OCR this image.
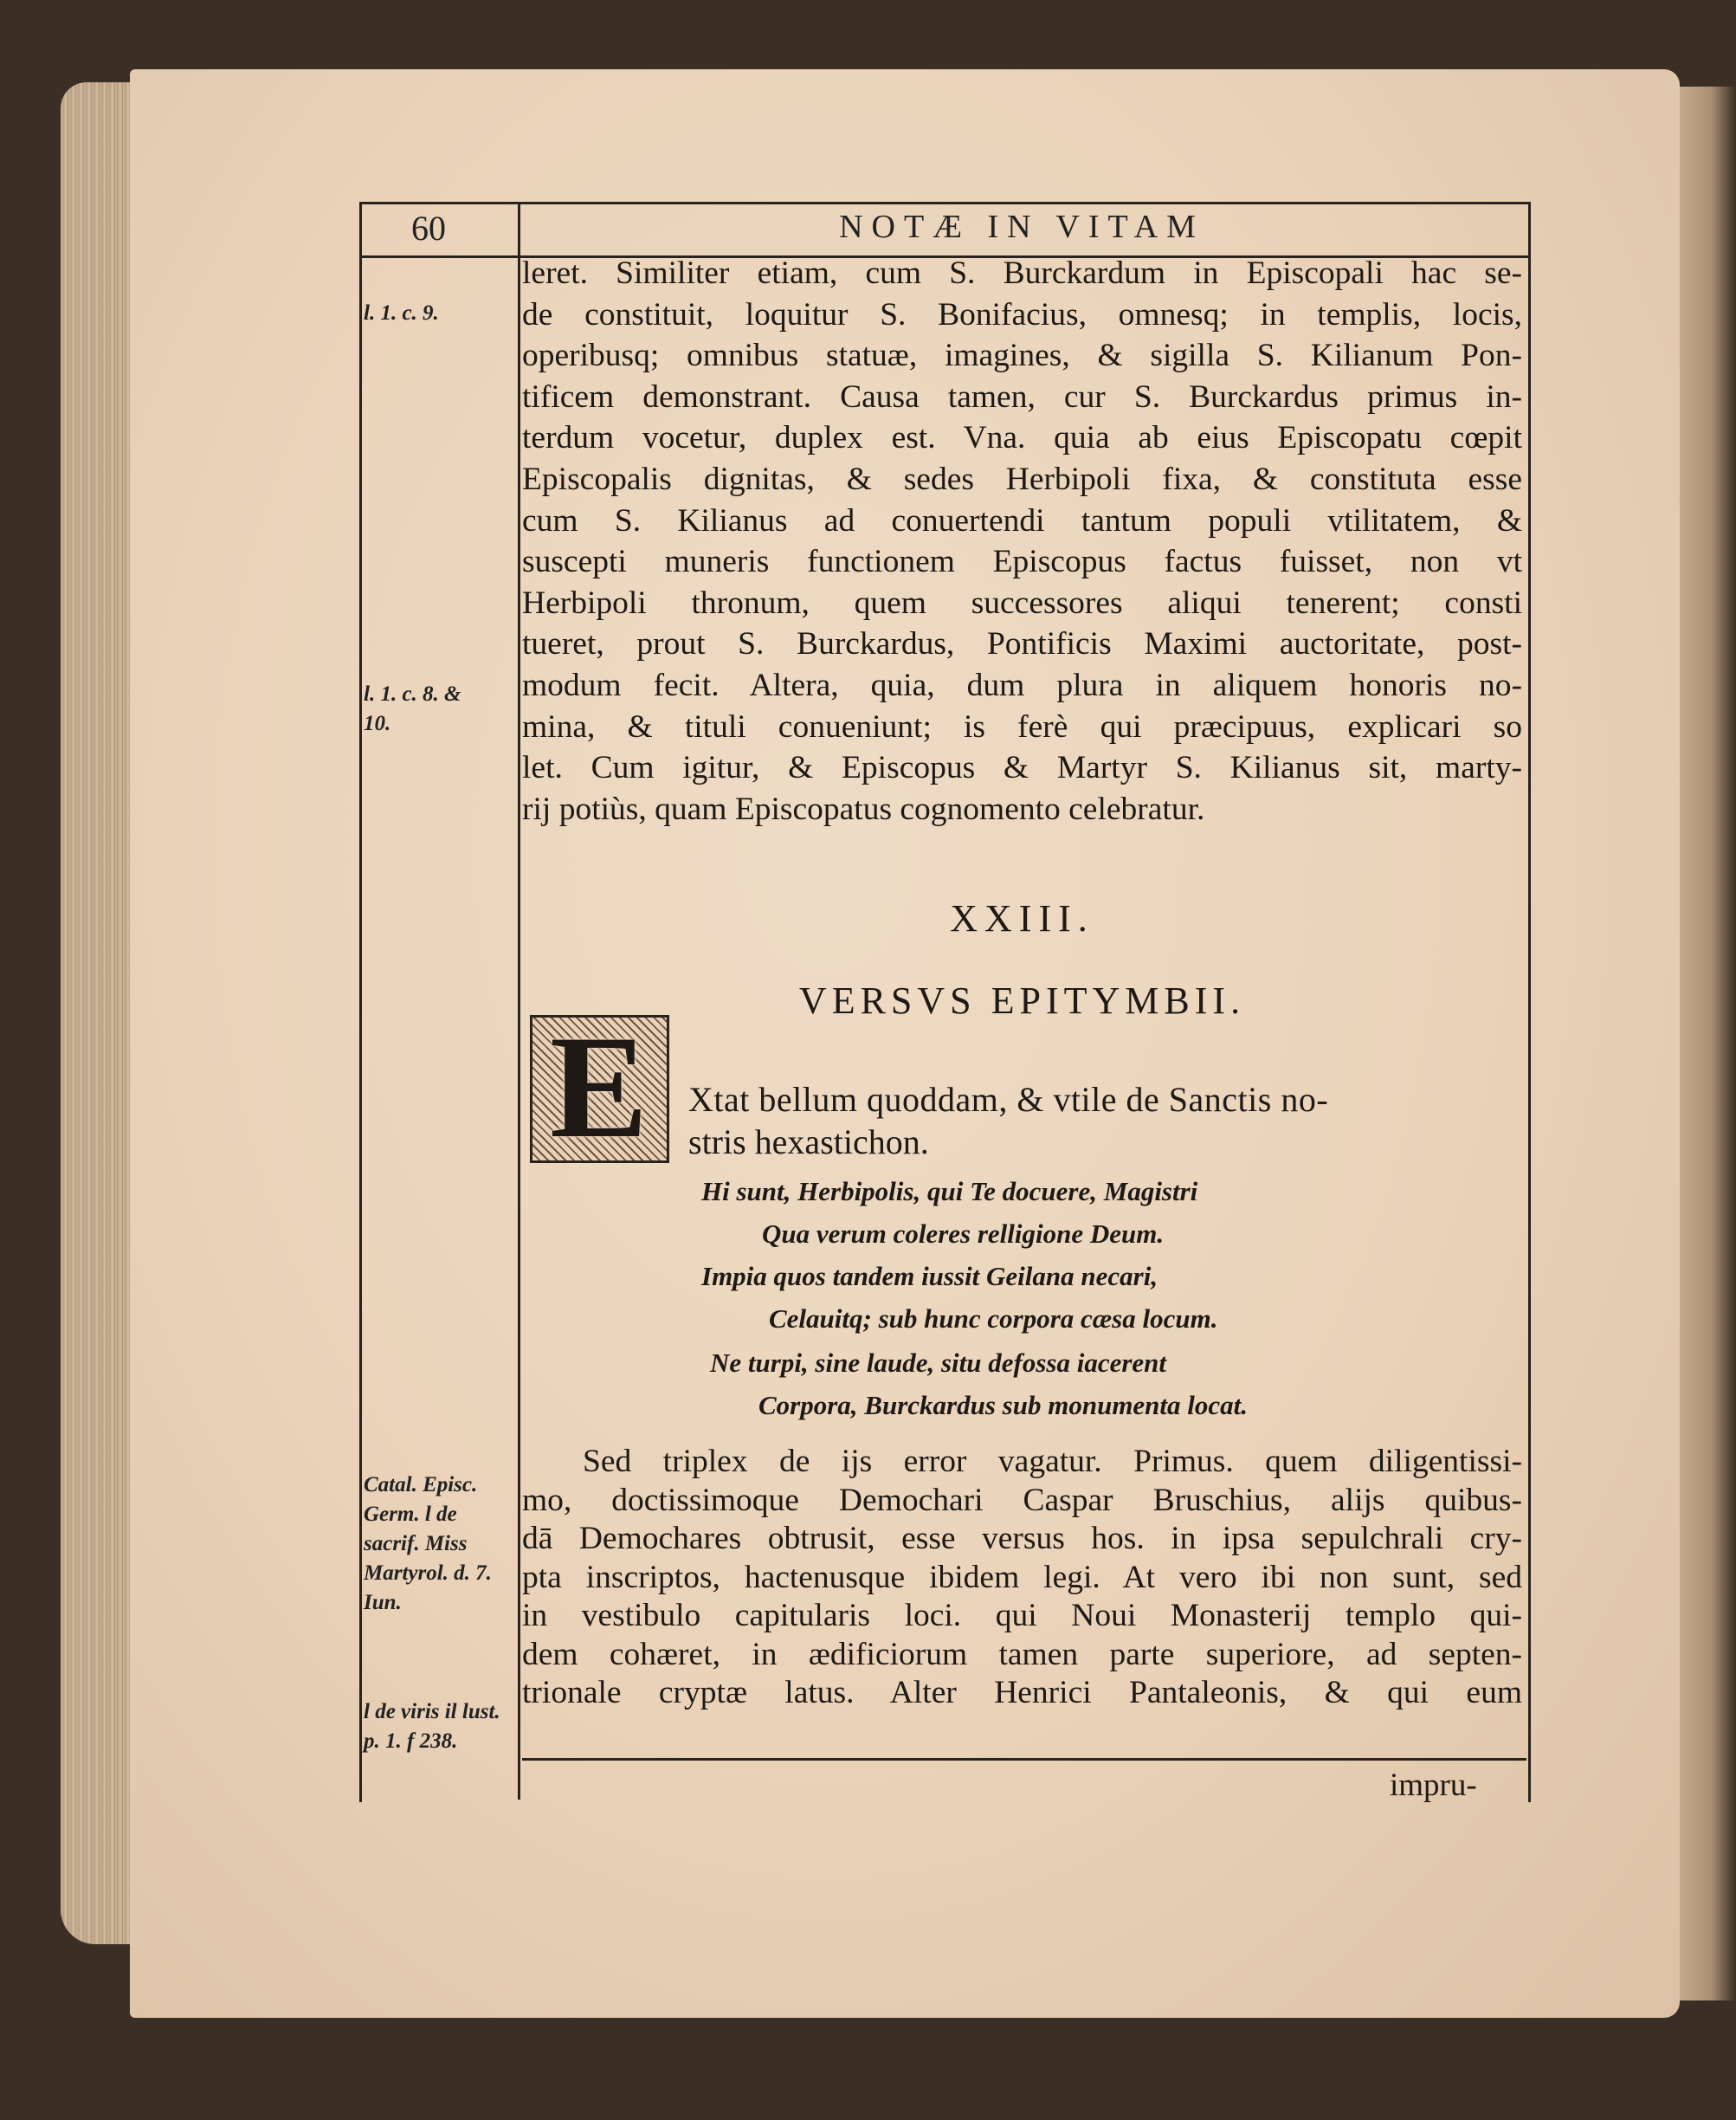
60	NOTÆ IN VITAM
l. 1. c. 9.
l. 1. c. 8. & 10.
Catal. Episc. Germ. l de sacrif. Miss Martyrol. d. 7. Iun.
l de viris il lust. p. 1. f 238.
leret. Similiter etiam, cum S. Burckardum in Episcopali hac se-
de constituit, loquitur S. Bonifacius, omnesq; in templis, locis,
operibusq; omnibus statuæ, imagines, & sigilla S. Kilianum Pon-
tificem demonstrant. Causa tamen, cur S. Burckardus primus in-
terdum vocetur, duplex est. Vna. quia ab eius Episcopatu cœpit
Episcopalis dignitas, & sedes Herbipoli fixa, & constituta esse
cum S. Kilianus ad conuertendi tantum populi vtilitatem, &
suscepti muneris functionem Episcopus factus fuisset, non vt
Herbipoli thronum, quem successores aliqui tenerent; consti
tueret, prout S. Burckardus, Pontificis Maximi auctoritate, post-
modum fecit. Altera, quia, dum plura in aliquem honoris no-
mina, & tituli conueniunt; is ferè qui præcipuus, explicari so
let. Cum igitur, & Episcopus & Martyr S. Kilianus sit, marty-
rij potiùs, quam Episcopatus cognomento celebratur.
XXIII.
VERSVS EPITYMBII.
E Xtat bellum quoddam, & vtile de Sanctis no-
stris hexastichon.
Hi sunt, Herbipolis, qui Te docuere, Magistri
Qua verum coleres relligione Deum.
Impia quos tandem iussit Geilana necari,
Celauitq; sub hunc corpora cæsa locum.
Ne turpi, sine laude, situ defossa iacerent
Corpora, Burckardus sub monumenta locat.
Sed triplex de ijs error vagatur. Primus. quem diligentissi-
mo, doctissimoque Demochari Caspar Bruschius, alijs quibus-
dā Demochares obtrusit, esse versus hos. in ipsa sepulchrali cry-
pta inscriptos, hactenusque ibidem legi. At vero ibi non sunt, sed
in vestibulo capitularis loci. qui Noui Monasterij templo qui-
dem cohæret, in ædificiorum tamen parte superiore, ad septen-
trionale cryptæ latus. Alter Henrici Pantaleonis, & qui eum
impru-
